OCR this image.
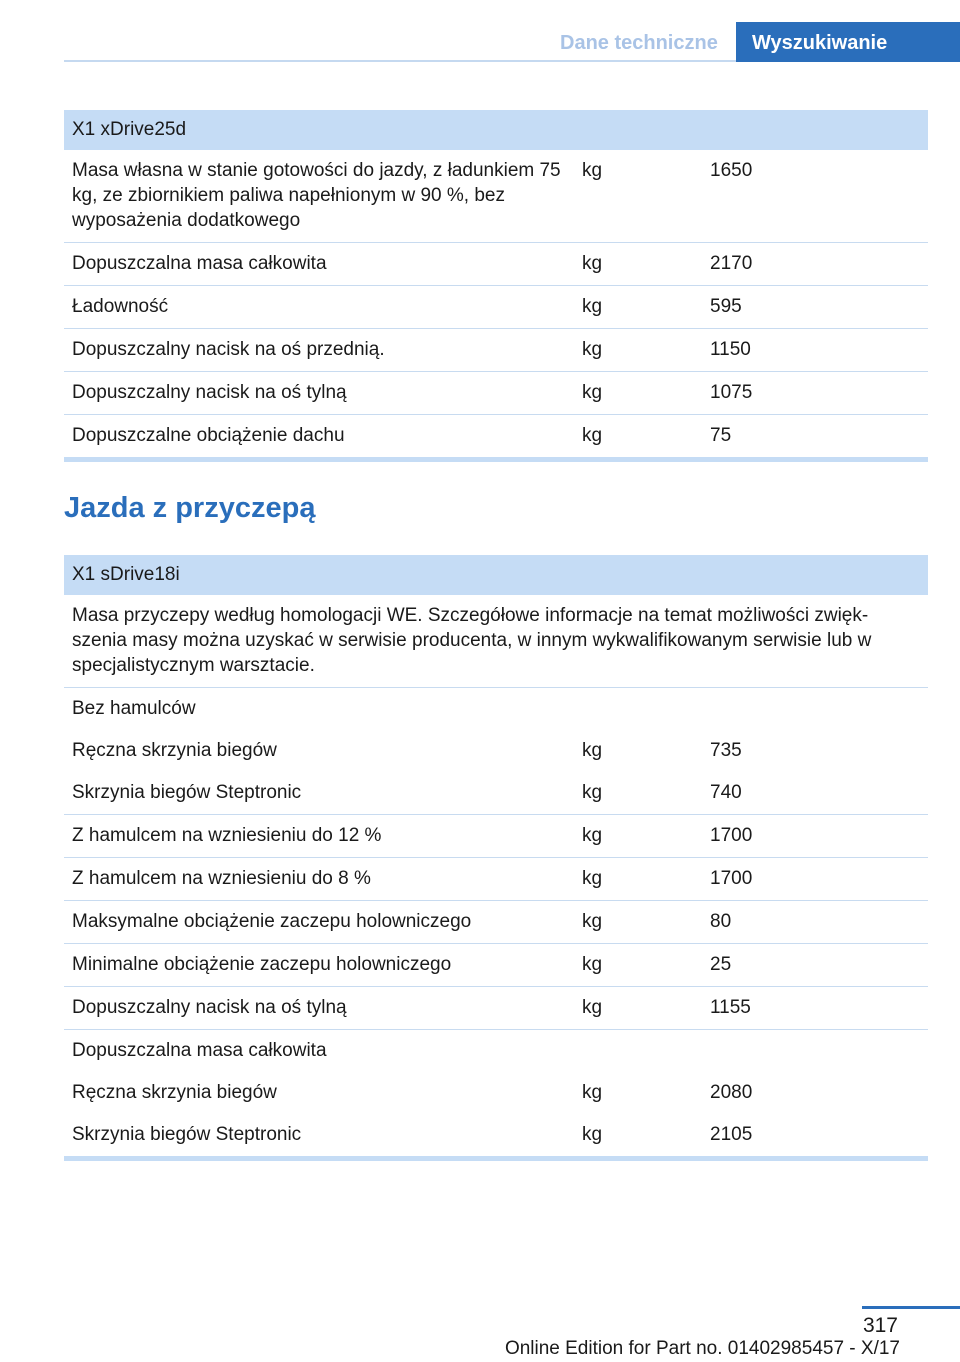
Dane techniczne	Wyszukiwanie
X1 xDrive25d
Masa własna w stanie gotowości do jazdy, z ładunkiem 75 kg, ze zbiornikiem paliwa napełnionym w 90 %, bez wyposażenia dodatkowego
kg	1650
Dopuszczalna masa całkowita	kg	2170
Ładowność	kg	595
Dopuszczalny nacisk na oś przednią.	kg	1150
Dopuszczalny nacisk na oś tylną	kg	1075
Dopuszczalne obciążenie dachu	kg	75
Jazda z przyczepą
X1 sDrive18i
Masa przyczepy według homologacji WE. Szczegółowe informacje na temat możliwości zwięk- szenia masy można uzyskać w serwisie producenta, w innym wykwalifikowanym serwisie lub w specjalistycznym warsztacie.
Bez hamulców
Ręczna skrzynia biegów	kg	735
Skrzynia biegów Steptronic	kg	740
Z hamulcem na wzniesieniu do 12 %	kg	1700
Z hamulcem na wzniesieniu do 8 %	kg	1700
Maksymalne obciążenie zaczepu holowniczego	kg	80
Minimalne obciążenie zaczepu holowniczego	kg	25
Dopuszczalny nacisk na oś tylną	kg	1155
Dopuszczalna masa całkowita
Ręczna skrzynia biegów	kg	2080
Skrzynia biegów Steptronic	kg	2105
317
Online Edition for Part no. 01402985457 - X/17
